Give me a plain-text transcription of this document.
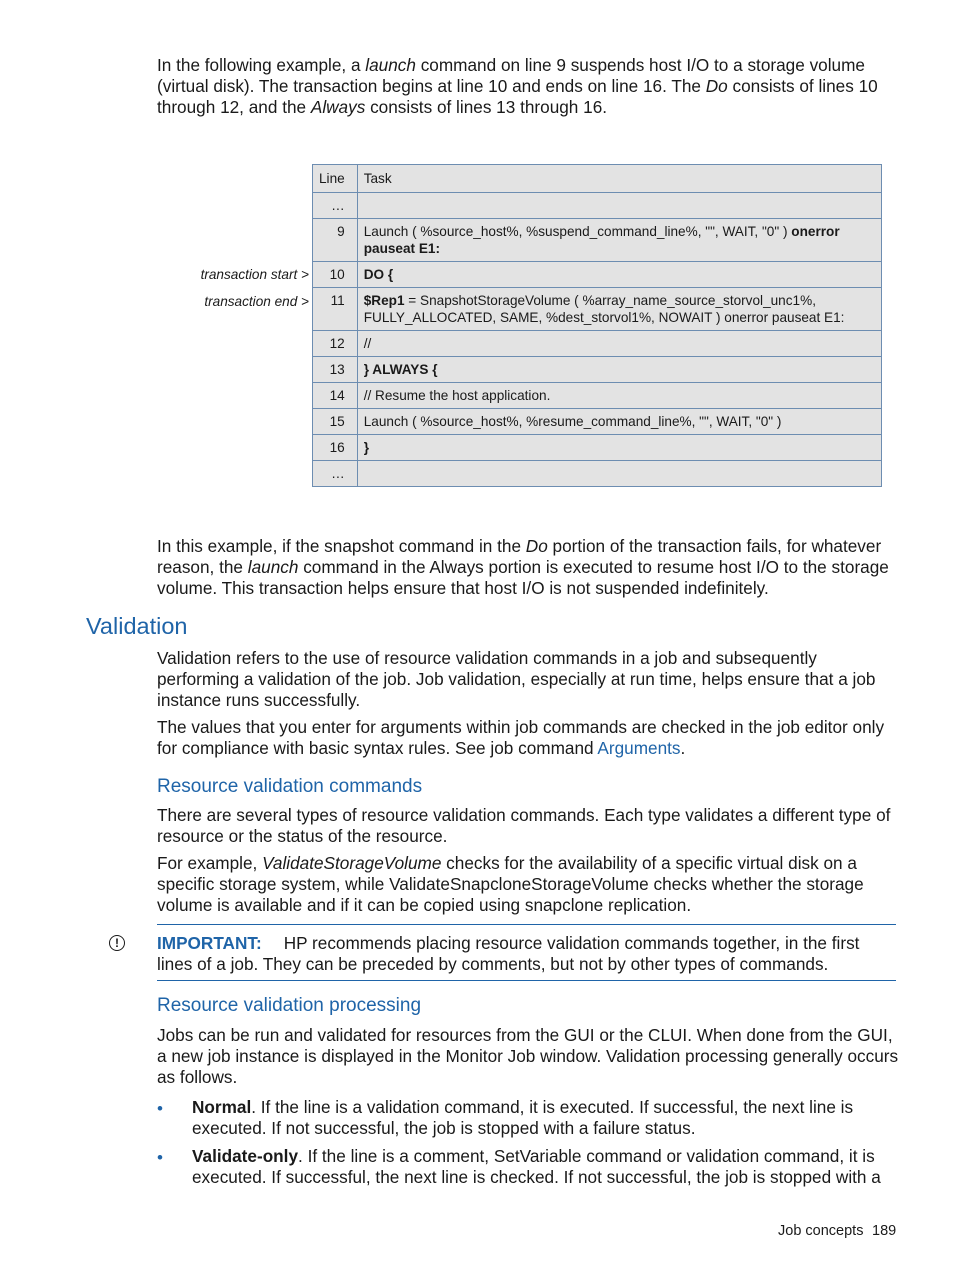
In the following example, a launch command on line 9 suspends host I/O to a storage volume (virtual disk). The transaction begins at line 10 and ends on line 16. The Do consists of lines 10 through 12, and the Always consists of lines 13 through 16.

transaction start >
transaction end >
Line	Task
…	
9	Launch ( %source_host%, %suspend_command_line%, "", WAIT, "0" ) onerror pauseat E1:
10	DO {
11	$Rep1 = SnapshotStorageVolume ( %array_name_source_storvol_unc1%, FULLY_ALLOCATED, SAME, %dest_storvol1%, NOWAIT ) onerror pauseat E1:
12	//
13	} ALWAYS {
14	// Resume the host application.
15	Launch ( %source_host%, %resume_command_line%, "", WAIT, "0" )
16	}
…	

In this example, if the snapshot command in the Do portion of the transaction fails, for whatever reason, the launch command in the Always portion is executed to resume host I/O to the storage volume. This transaction helps ensure that host I/O is not suspended indefinitely.

Validation

Validation refers to the use of resource validation commands in a job and subsequently performing a validation of the job. Job validation, especially at run time, helps ensure that a job instance runs successfully.

The values that you enter for arguments within job commands are checked in the job editor only for compliance with basic syntax rules. See job command Arguments.

Resource validation commands

There are several types of resource validation commands. Each type validates a different type of resource or the status of the resource.

For example, ValidateStorageVolume checks for the availability of a specific virtual disk on a specific storage system, while ValidateSnapcloneStorageVolume checks whether the storage volume is available and if it can be copied using snapclone replication.

!	IMPORTANT: HP recommends placing resource validation commands together, in the first lines of a job. They can be preceded by comments, but not by other types of commands.

Resource validation processing

Jobs can be run and validated for resources from the GUI or the CLUI. When done from the GUI, a new job instance is displayed in the Monitor Job window. Validation processing generally occurs as follows.

• Normal. If the line is a validation command, it is executed. If successful, the next line is executed. If not successful, the job is stopped with a failure status.

• Validate-only. If the line is a comment, SetVariable command or validation command, it is executed. If successful, the next line is checked. If not successful, the job is stopped with a

Job concepts 189
